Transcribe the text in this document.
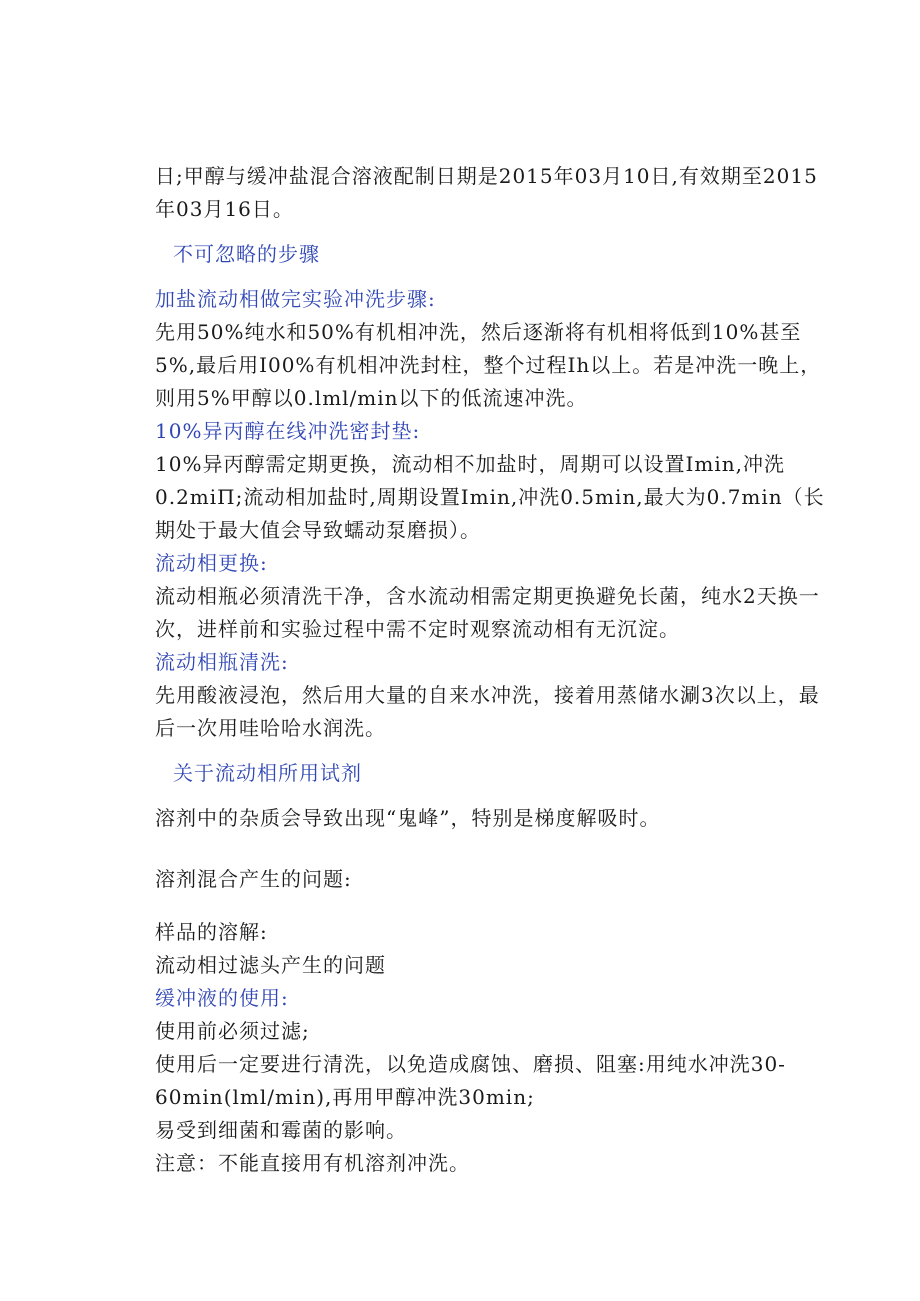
日;甲醇与缓冲盐混合溶液配制日期是2015年03月10日,有效期至2015年03月16日。

不可忽略的步骤

加盐流动相做完实验冲洗步骤:

先用50%纯水和50%有机相冲洗，然后逐渐将有机相将低到10%甚至5%,最后用I00%有机相冲洗封柱，整个过程Ih以上。若是冲洗一晚上，则用5%甲醇以0.lml/min以下的低流速冲洗。

10%异丙醇在线冲洗密封垫:

10%异丙醇需定期更换，流动相不加盐时，周期可以设置Imin,冲洗0.2miΠ;流动相加盐时,周期设置Imin,冲洗0.5min,最大为0.7min（长期处于最大值会导致蠕动泵磨损）。

流动相更换:

流动相瓶必须清洗干净，含水流动相需定期更换避免长菌，纯水2天换一次，进样前和实验过程中需不定时观察流动相有无沉淀。

流动相瓶清洗:

先用酸液浸泡，然后用大量的自来水冲洗，接着用蒸储水涮3次以上，最后一次用哇哈哈水润洗。

关于流动相所用试剂

溶剂中的杂质会导致出现“鬼峰”，特别是梯度解吸时。

溶剂混合产生的问题:

样品的溶解:

流动相过滤头产生的问题

缓冲液的使用:

使用前必须过滤;

使用后一定要进行清洗，以免造成腐蚀、磨损、阻塞:用纯水冲洗30-60min(lml/min),再用甲醇冲洗30min;

易受到细菌和霉菌的影响。

注意：不能直接用有机溶剂冲洗。
